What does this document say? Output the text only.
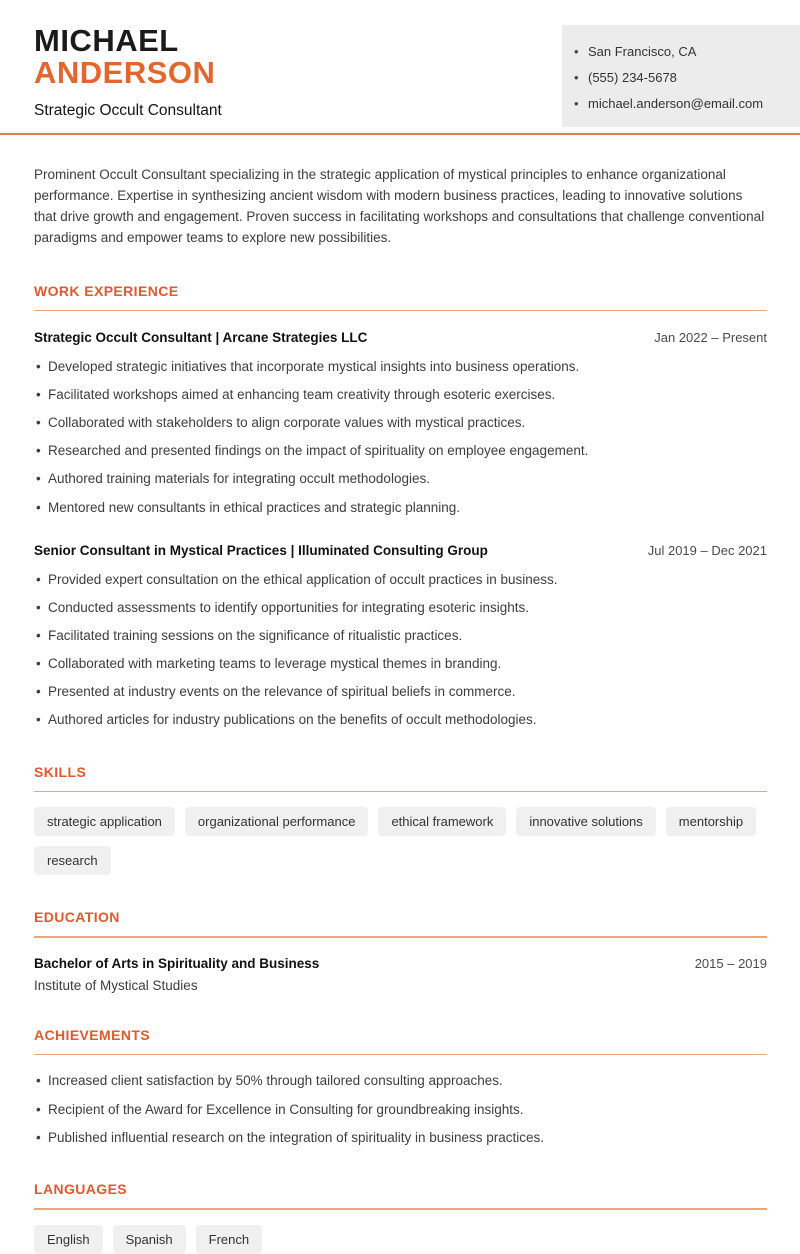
MICHAEL
ANDERSON
Strategic Occult Consultant
• San Francisco, CA
• (555) 234-5678
• michael.anderson@email.com

Prominent Occult Consultant specializing in the strategic application of mystical principles to enhance organizational performance. Expertise in synthesizing ancient wisdom with modern business practices, leading to innovative solutions that drive growth and engagement. Proven success in facilitating workshops and consultations that challenge conventional paradigms and empower teams to explore new possibilities.

WORK EXPERIENCE
Strategic Occult Consultant | Arcane Strategies LLC	Jan 2022 – Present
• Developed strategic initiatives that incorporate mystical insights into business operations.
• Facilitated workshops aimed at enhancing team creativity through esoteric exercises.
• Collaborated with stakeholders to align corporate values with mystical practices.
• Researched and presented findings on the impact of spirituality on employee engagement.
• Authored training materials for integrating occult methodologies.
• Mentored new consultants in ethical practices and strategic planning.
Senior Consultant in Mystical Practices | Illuminated Consulting Group	Jul 2019 – Dec 2021
• Provided expert consultation on the ethical application of occult practices in business.
• Conducted assessments to identify opportunities for integrating esoteric insights.
• Facilitated training sessions on the significance of ritualistic practices.
• Collaborated with marketing teams to leverage mystical themes in branding.
• Presented at industry events on the relevance of spiritual beliefs in commerce.
• Authored articles for industry publications on the benefits of occult methodologies.
SKILLS
strategic application	organizational performance	ethical framework	innovative solutions	mentorship
research
EDUCATION
Bachelor of Arts in Spirituality and Business	2015 – 2019
Institute of Mystical Studies
ACHIEVEMENTS
• Increased client satisfaction by 50% through tailored consulting approaches.
• Recipient of the Award for Excellence in Consulting for groundbreaking insights.
• Published influential research on the integration of spirituality in business practices.
LANGUAGES
English	Spanish	French
